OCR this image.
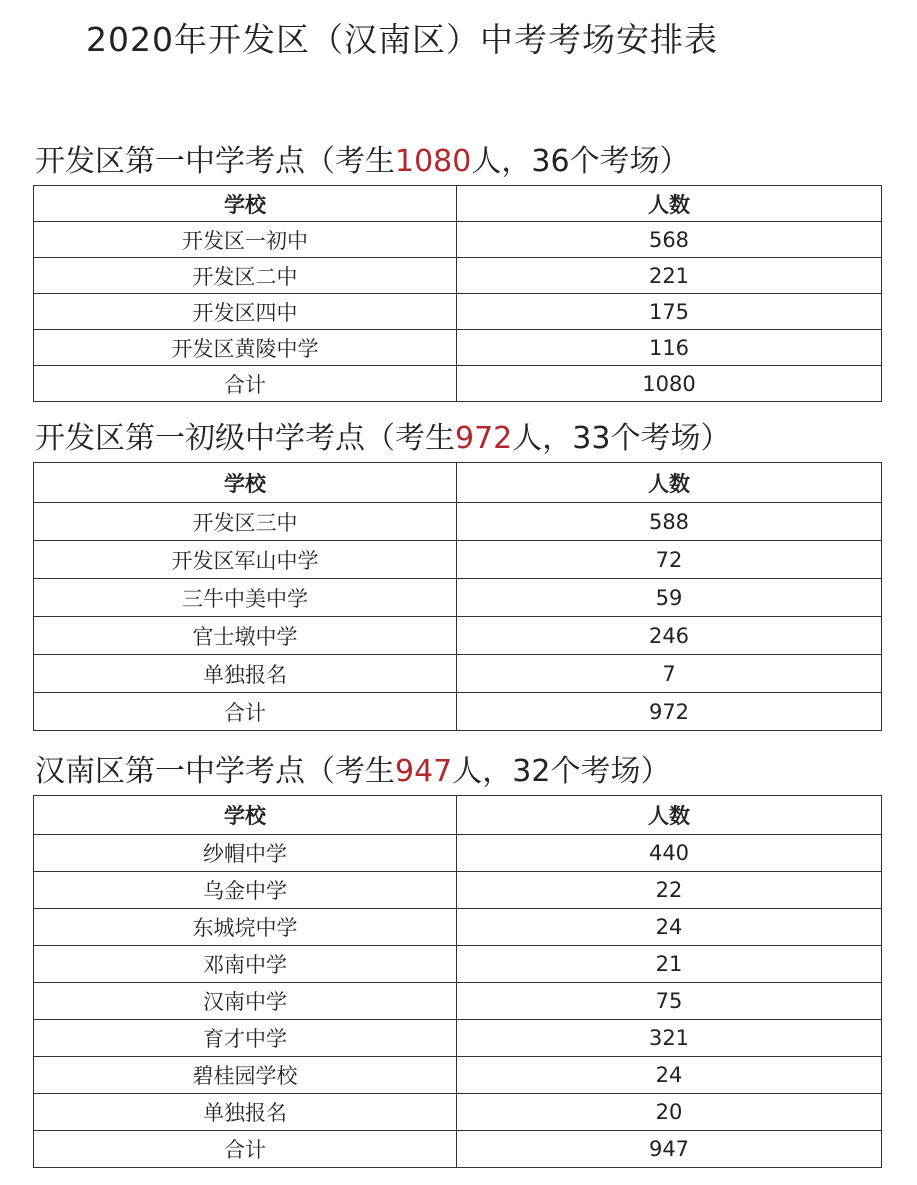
2020年开发区（汉南区）中考考场安排表
开发区第一中学考点（考生1080人，36个考场）
学校	人数
开发区一初中	568
开发区二中	221
开发区四中	175
开发区黄陵中学	116
合计	1080
开发区第一初级中学考点（考生972人，33个考场）
学校	人数
开发区三中	588
开发区军山中学	72
三牛中美中学	59
官士墩中学	246
单独报名	7
合计	972
汉南区第一中学考点（考生947人，32个考场）
学校	人数
纱帽中学	440
乌金中学	22
东城垸中学	24
邓南中学	21
汉南中学	75
育才中学	321
碧桂园学校	24
单独报名	20
合计	947
